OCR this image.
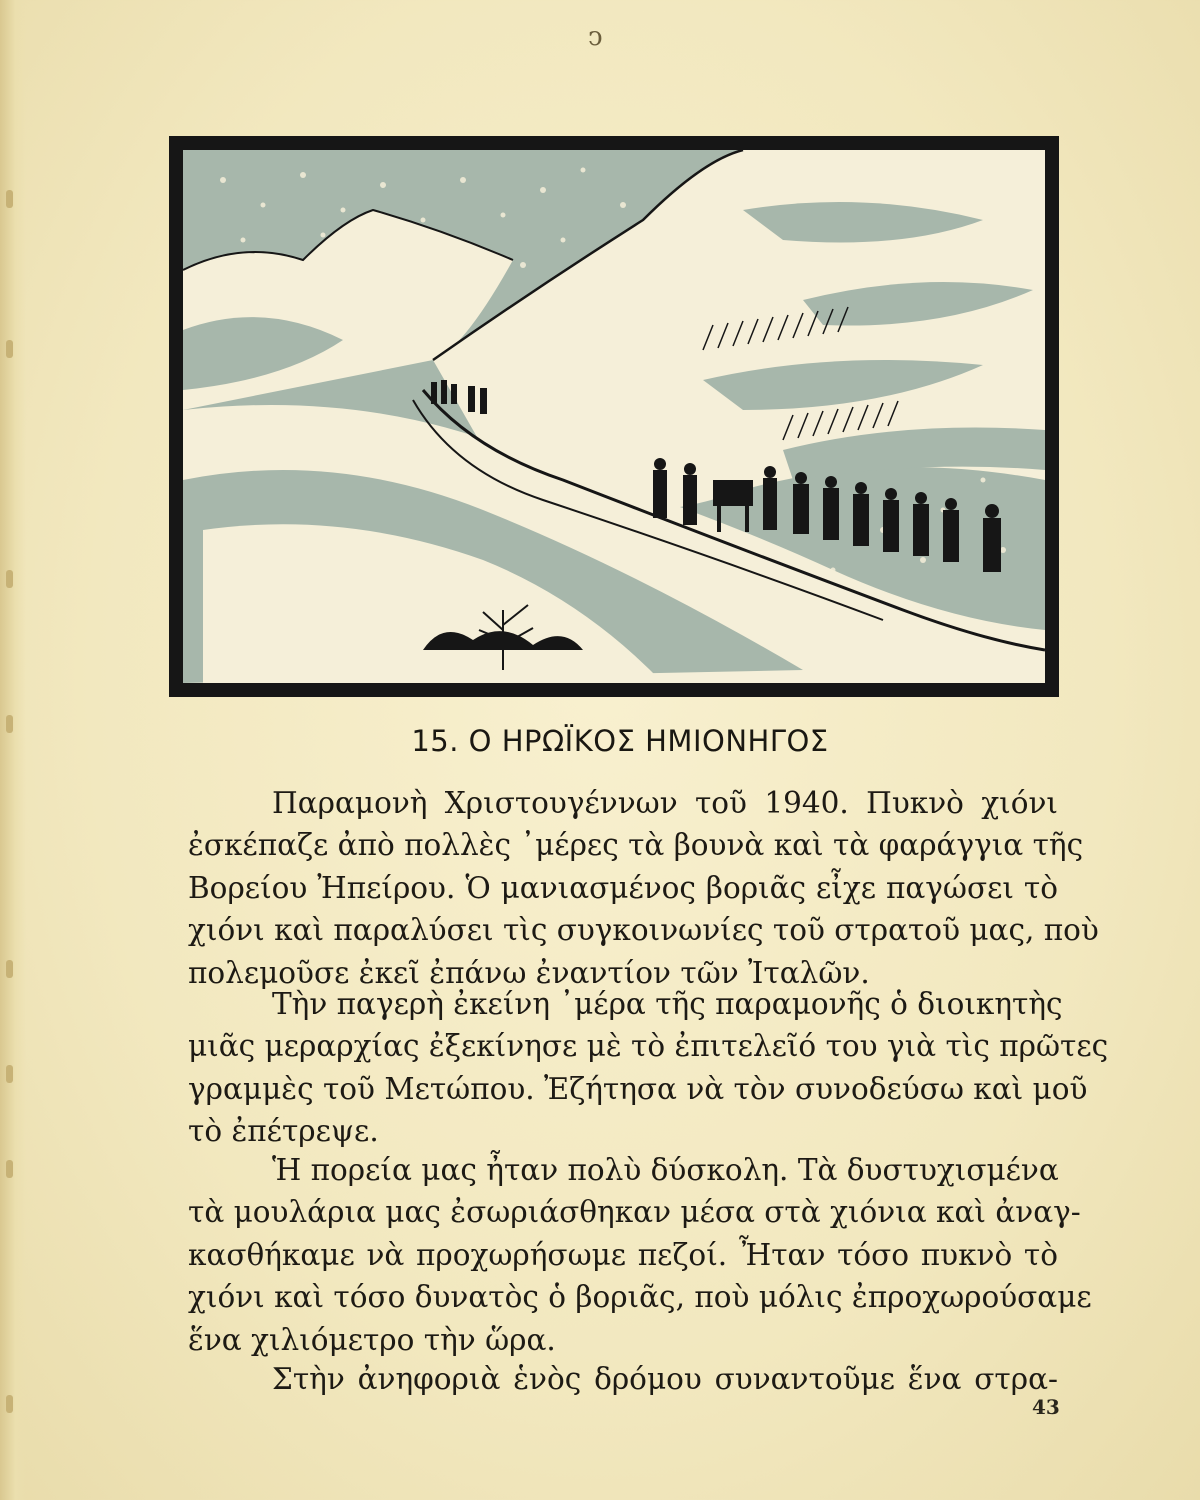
ↄ
15. Ο ΗΡΩΪΚΟΣ ΗΜΙΟΝΗΓΟΣ
Παραμονὴ Χριστουγέννων τοῦ 1940. Πυκνὸ χιόνι
ἐσκέπαζε ἀπὸ πολλὲς ᾿μέρες τὰ βουνὰ καὶ τὰ φαράγγια τῆς
Βορείου Ἠπείρου. Ὁ μανιασμένος βοριᾶς εἶχε παγώσει τὸ
χιόνι καὶ παραλύσει τὶς συγκοινωνίες τοῦ στρατοῦ μας, ποὺ
πολεμοῦσε ἐκεῖ ἐπάνω ἐναντίον τῶν Ἰταλῶν.
Τὴν παγερὴ ἐκείνη ᾿μέρα τῆς παραμονῆς ὁ διοικητὴς
μιᾶς μεραρχίας ἐξεκίνησε μὲ τὸ ἐπιτελεῖό του γιὰ τὶς πρῶτες
γραμμὲς τοῦ Μετώπου. Ἐζήτησα νὰ τὸν συνοδεύσω καὶ μοῦ
τὸ ἐπέτρεψε.
Ἡ πορεία μας ἦταν πολὺ δύσκολη. Τὰ δυστυχισμένα
τὰ μουλάρια μας ἐσωριάσθηκαν μέσα στὰ χιόνια καὶ ἀναγ-
κασθήκαμε νὰ προχωρήσωμε πεζοί. Ἦταν τόσο πυκνὸ τὸ
χιόνι καὶ τόσο δυνατὸς ὁ βοριᾶς, ποὺ μόλις ἐπροχωρούσαμε
ἕνα χιλιόμετρο τὴν ὥρα.
Στὴν ἀνηφοριὰ ἑνὸς δρόμου συναντοῦμε ἕνα στρα-
43
